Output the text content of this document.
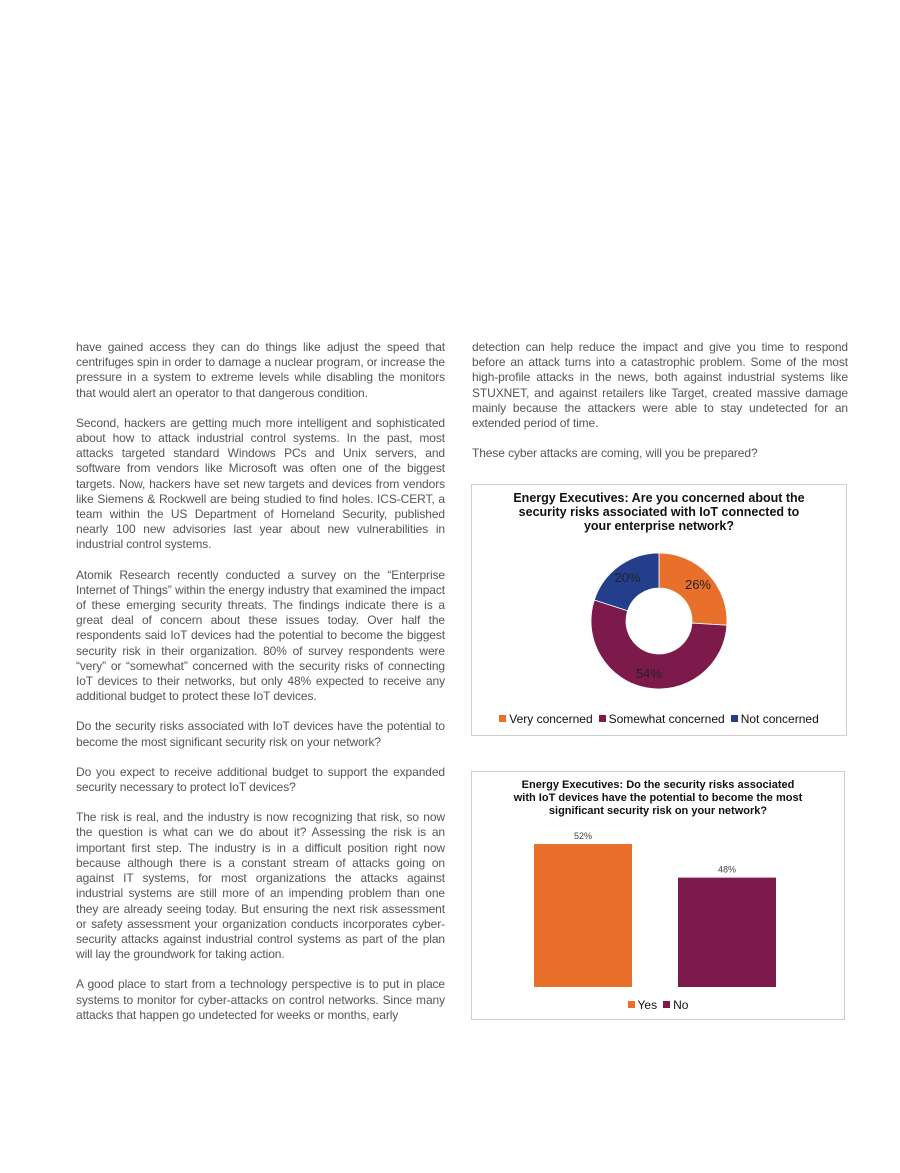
have gained access they can do things like adjust the speed that centrifuges spin in order to damage a nuclear program, or increase the pressure in a system to extreme levels while disabling the monitors that would alert an operator to that dangerous condition.

Second, hackers are getting much more intelligent and sophisticated about how to attack industrial control systems. In the past, most attacks targeted standard Windows PCs and Unix servers, and software from vendors like Microsoft was often one of the biggest targets. Now, hackers have set new targets and devices from vendors like Siemens & Rockwell are being studied to find holes. ICS-CERT, a team within the US Department of Homeland Security, published nearly 100 new advisories last year about new vulnerabilities in industrial control systems.

Atomik Research recently conducted a survey on the “Enterprise Internet of Things” within the energy industry that examined the impact of these emerging security threats. The findings indicate there is a great deal of concern about these issues today. Over half the respondents said IoT devices had the potential to become the biggest security risk in their organization. 80% of survey respondents were “very” or “somewhat” concerned with the security risks of connecting IoT devices to their networks, but only 48% expected to receive any additional budget to protect these IoT devices.

Do the security risks associated with IoT devices have the potential to become the most significant security risk on your network?

Do you expect to receive additional budget to support the expanded security necessary to protect IoT devices?

The risk is real, and the industry is now recognizing that risk, so now the question is what can we do about it? Assessing the risk is an important first step. The industry is in a difficult position right now because although there is a constant stream of attacks going on against IT systems, for most organizations the attacks against industrial systems are still more of an impending problem than one they are already seeing today. But ensuring the next risk assessment or safety assessment your organization conducts incorporates cyber-security attacks against industrial control systems as part of the plan will lay the groundwork for taking action.

A good place to start from a technology perspective is to put in place systems to monitor for cyber-attacks on control networks. Since many attacks that happen go undetected for weeks or months, early

detection can help reduce the impact and give you time to respond before an attack turns into a catastrophic problem. Some of the most high-profile attacks in the news, both against industrial systems like STUXNET, and against retailers like Target, created massive damage mainly because the attackers were able to stay undetected for an extended period of time.

These cyber attacks are coming, will you be prepared?

Energy Executives: Are you concerned about the security risks associated with IoT connected to your enterprise network?
26%
54%
20%
Very concerned Somewhat concerned Not concerned
Energy Executives: Do the security risks associated with IoT devices have the potential to become the most significant security risk on your network?
52%
48%
Yes No
